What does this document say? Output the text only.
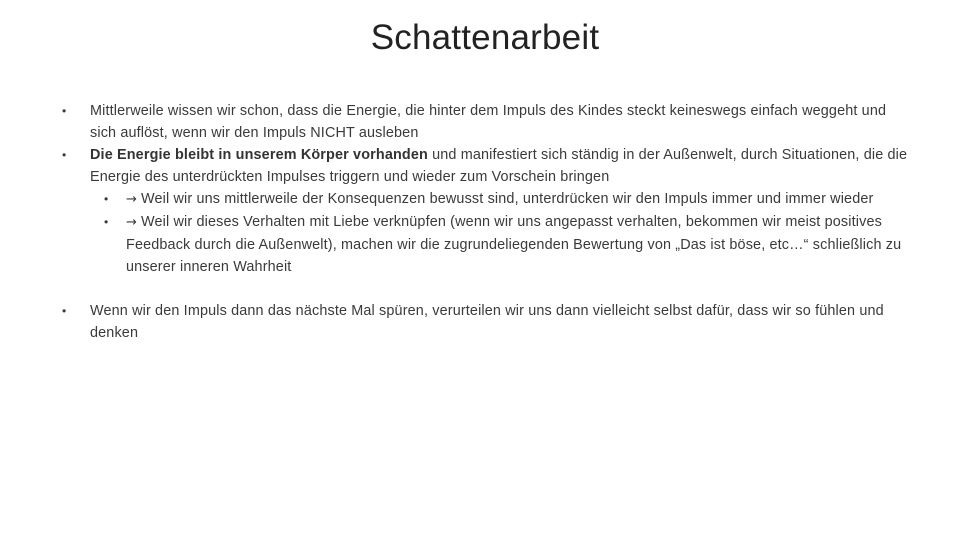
Schattenarbeit
• Mittlerweile wissen wir schon, dass die Energie, die hinter dem Impuls des Kindes steckt keineswegs einfach weggeht und sich auflöst, wenn wir den Impuls NICHT ausleben
• Die Energie bleibt in unserem Körper vorhanden und manifestiert sich ständig in der Außenwelt, durch Situationen, die die Energie des unterdrückten Impulses triggern und wieder zum Vorschein bringen
• → Weil wir uns mittlerweile der Konsequenzen bewusst sind, unterdrücken wir den Impuls immer und immer wieder
• → Weil wir dieses Verhalten mit Liebe verknüpfen (wenn wir uns angepasst verhalten, bekommen wir meist positives Feedback durch die Außenwelt), machen wir die zugrundeliegenden Bewertung von „Das ist böse, etc…“ schließlich zu unserer inneren Wahrheit
• Wenn wir den Impuls dann das nächste Mal spüren, verurteilen wir uns dann vielleicht selbst dafür, dass wir so fühlen und denken
